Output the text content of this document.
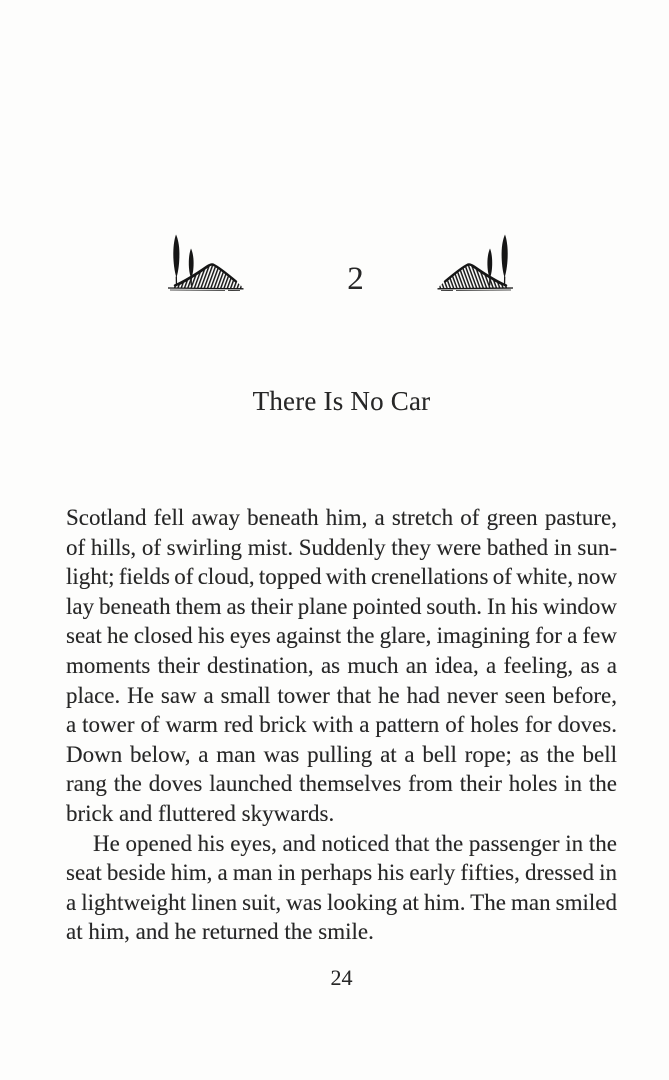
2
There Is No Car
Scotland fell away beneath him, a stretch of green pasture,
of hills, of swirling mist. Suddenly they were bathed in sun-
light; fields of cloud, topped with crenellations of white, now
lay beneath them as their plane pointed south. In his window
seat he closed his eyes against the glare, imagining for a few
moments their destination, as much an idea, a feeling, as a
place. He saw a small tower that he had never seen before,
a tower of warm red brick with a pattern of holes for doves.
Down below, a man was pulling at a bell rope; as the bell
rang the doves launched themselves from their holes in the
brick and fluttered skywards.
He opened his eyes, and noticed that the passenger in the
seat beside him, a man in perhaps his early fifties, dressed in
a lightweight linen suit, was looking at him. The man smiled
at him, and he returned the smile.
24
